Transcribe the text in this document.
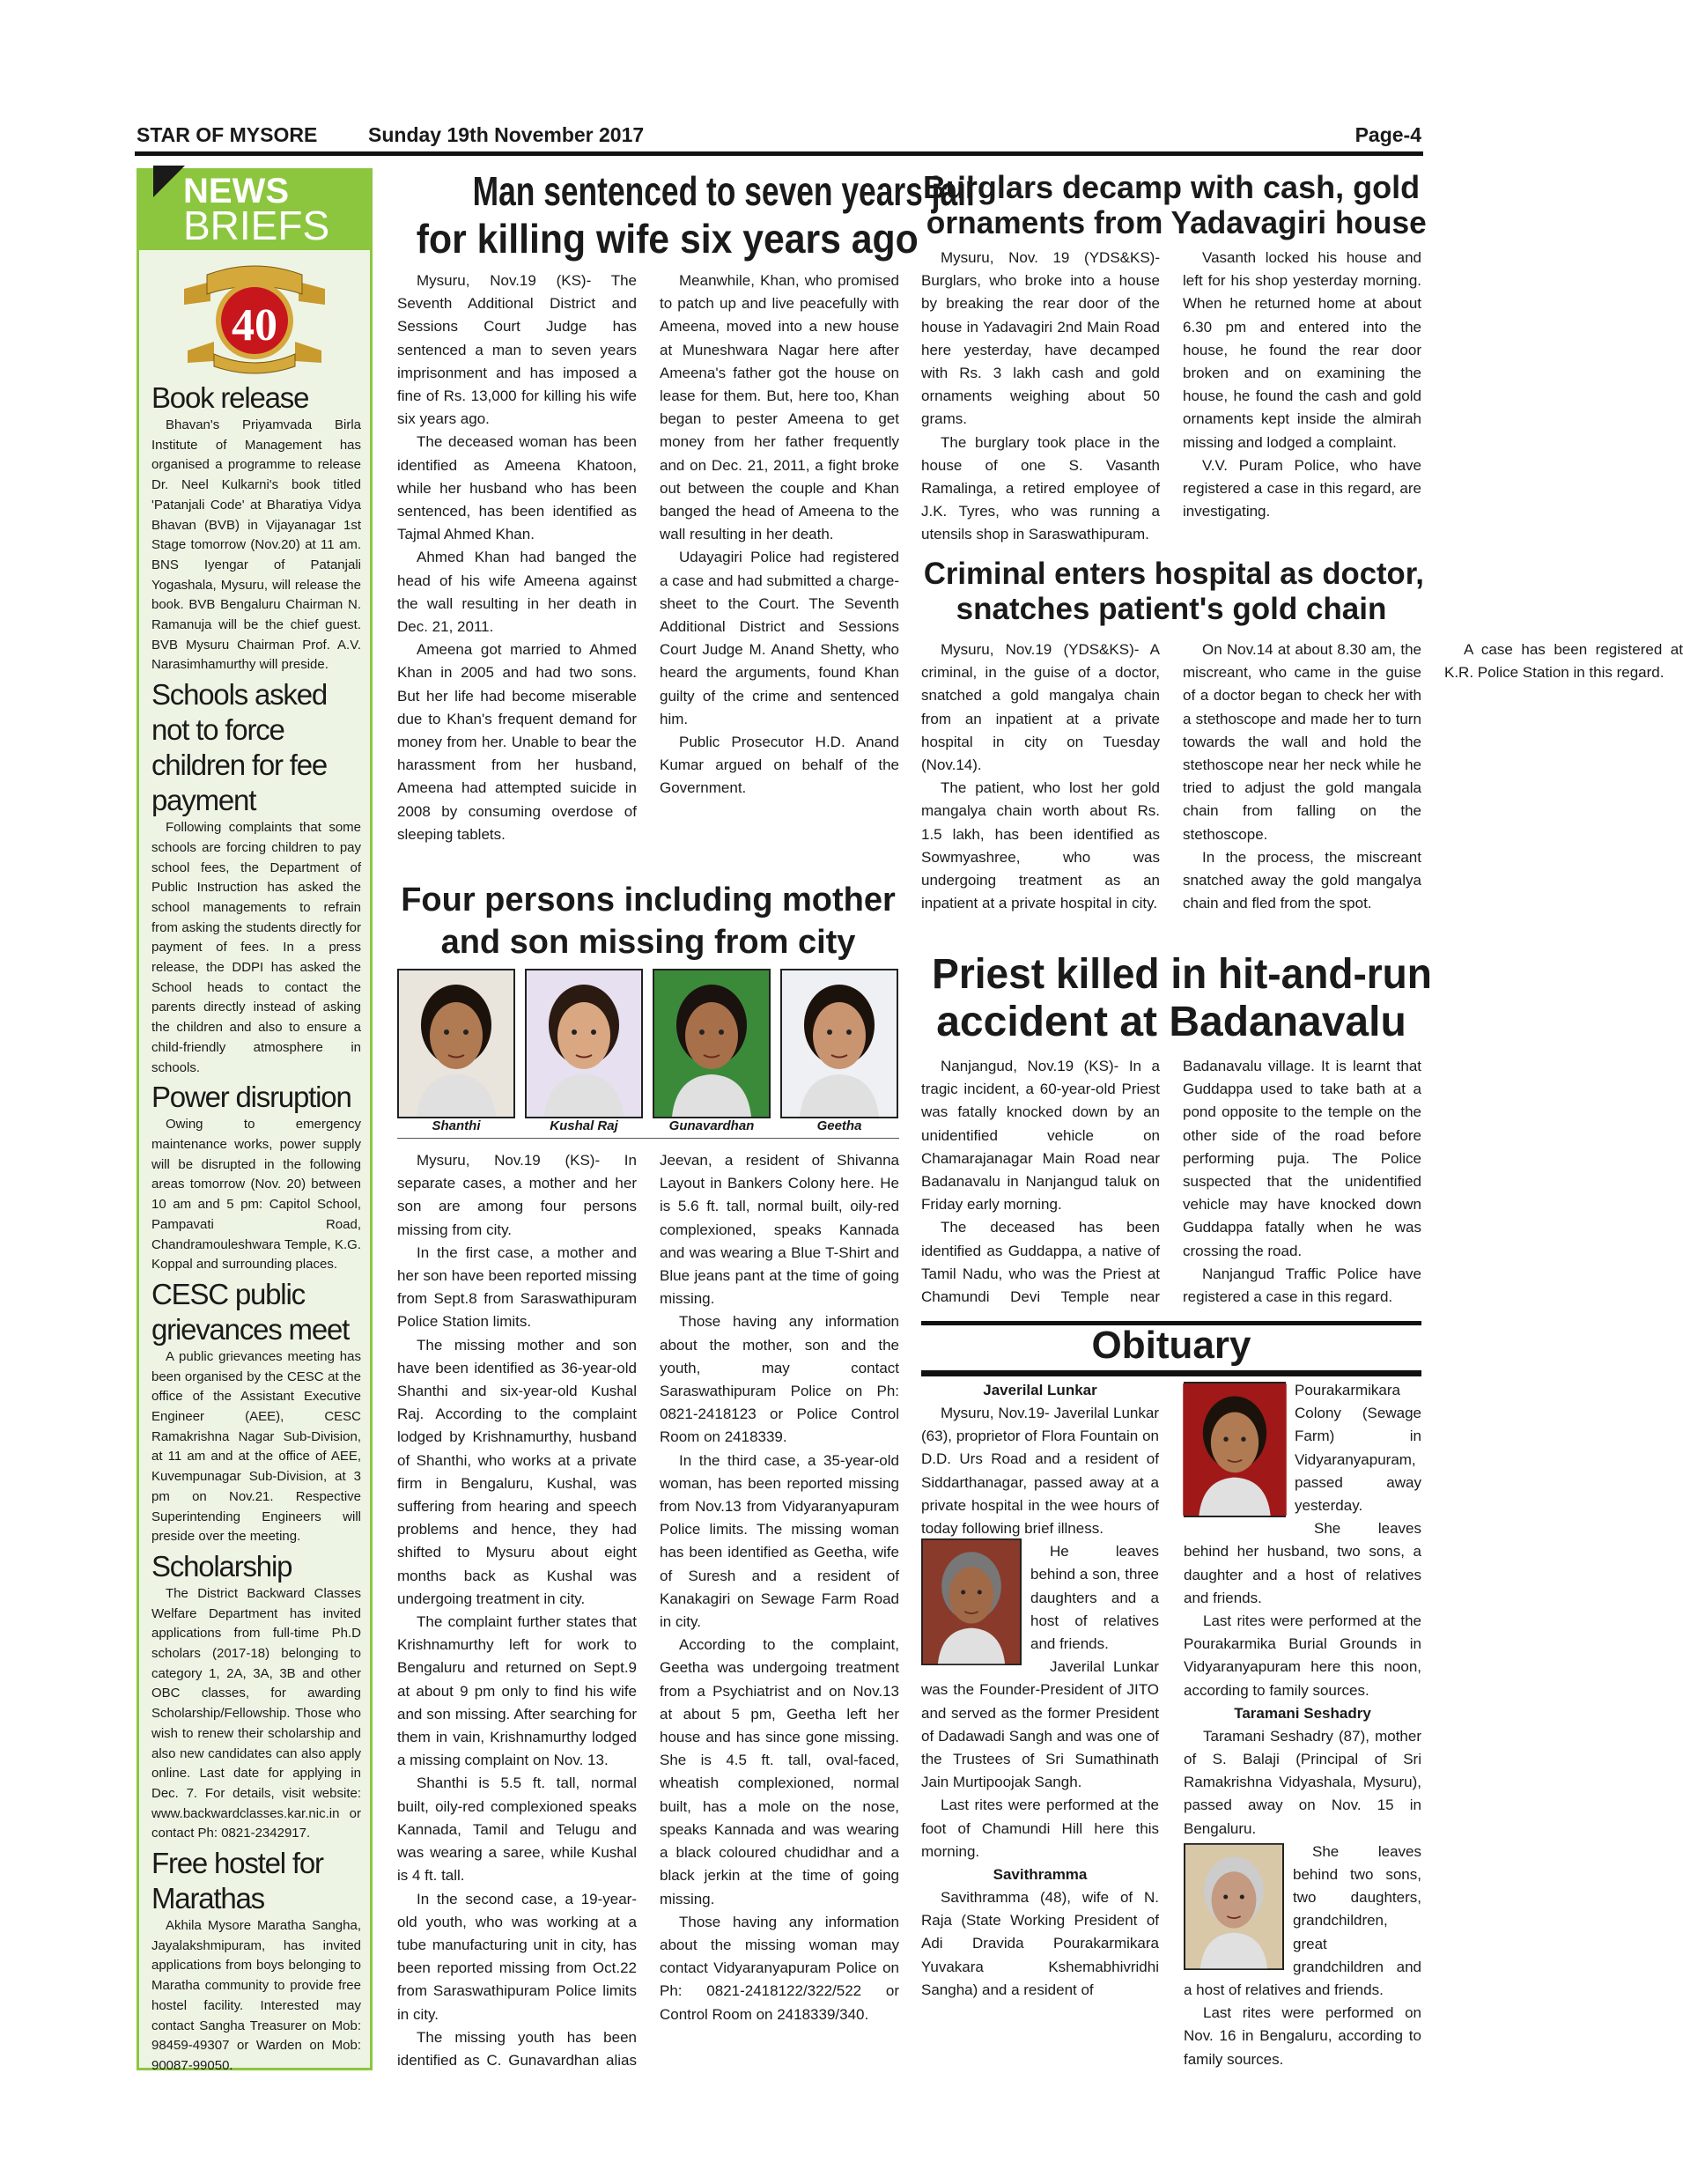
STAR OF MYSORE	Sunday 19th November 2017	Page-4
NEWS
BRIEFS
40
Book release

Bhavan's Priyamvada Birla Institute of Management has organised a programme to release Dr. Neel Kulkarni's book titled 'Patanjali Code' at Bharatiya Vidya Bhavan (BVB) in Vijayanagar 1st Stage tomorrow (Nov.20) at 11 am. BNS Iyengar of Patanjali Yogashala, Mysuru, will release the book. BVB Bengaluru Chairman N. Ramanuja will be the chief guest. BVB Mysuru Chairman Prof. A.V. Narasimhamurthy will preside.

Schools asked not to force children for fee payment

Following complaints that some schools are forcing children to pay school fees, the Department of Public Instruction has asked the school managements to refrain from asking the students directly for payment of fees. In a press release, the DDPI has asked the School heads to contact the parents directly instead of asking the children and also to ensure a child-friendly atmosphere in schools.

Power disruption

Owing to emergency maintenance works, power supply will be disrupted in the following areas tomorrow (Nov. 20) between 10 am and 5 pm: Capitol School, Pampavati Road, Chandramouleshwara Temple, K.G. Koppal and surrounding places.

CESC public grievances meet

A public grievances meeting has been organised by the CESC at the office of the Assistant Executive Engineer (AEE), CESC Ramakrishna Nagar Sub-Division, at 11 am and at the office of AEE, Kuvempunagar Sub-Division, at 3 pm on Nov.21. Respective Superintending Engineers will preside over the meeting.

Scholarship

The District Backward Classes Welfare Department has invited applications from full-time Ph.D scholars (2017-18) belonging to category 1, 2A, 3A, 3B and other OBC classes, for awarding Scholarship/Fellowship. Those who wish to renew their scholarship and also new candidates can also apply online. Last date for applying in Dec. 7. For details, visit website: www.backwardclasses.kar.nic.in or contact Ph: 0821-2342917.

Free hostel for Marathas

Akhila Mysore Maratha Sangha, Jayalakshmipuram, has invited applications from boys belonging to Maratha community to provide free hostel facility. Interested may contact Sangha Treasurer on Mob: 98459-49307 or Warden on Mob: 90087-99050.

Man sentenced to seven years jail
for killing wife six years ago

Mysuru, Nov.19 (KS)- The Seventh Additional District and Sessions Court Judge has sentenced a man to seven years imprisonment and has imposed a fine of Rs. 13,000 for killing his wife six years ago.

The deceased woman has been identified as Ameena Khatoon, while her husband who has been sentenced, has been identified as Tajmal Ahmed Khan.

Ahmed Khan had banged the head of his wife Ameena against the wall resulting in her death in Dec. 21, 2011.

Ameena got married to Ahmed Khan in 2005 and had two sons. But her life had become miserable due to Khan's frequent demand for money from her. Unable to bear the harassment from her husband, Ameena had attempted suicide in 2008 by consuming overdose of sleeping tablets.

Meanwhile, Khan, who promised to patch up and live peacefully with Ameena, moved into a new house at Muneshwara Nagar here after Ameena's father got the house on lease for them. But, here too, Khan began to pester Ameena to get money from her father frequently and on Dec. 21, 2011, a fight broke out between the couple and Khan banged the head of Ameena to the wall resulting in her death.

Udayagiri Police had registered a case and had submitted a charge-sheet to the Court. The Seventh Additional District and Sessions Court Judge M. Anand Shetty, who heard the arguments, found Khan guilty of the crime and sentenced him.

Public Prosecutor H.D. Anand Kumar argued on behalf of the Government.

Four persons including mother
and son missing from city
Shanthi	Kushal Raj	Gunavardhan	Geetha

Mysuru, Nov.19 (KS)- In separate cases, a mother and her son are among four persons missing from city.

In the first case, a mother and her son have been reported missing from Sept.8 from Saraswathipuram Police Station limits.

The missing mother and son have been identified as 36-year-old Shanthi and six-year-old Kushal Raj. According to the complaint lodged by Krishnamurthy, husband of Shanthi, who works at a private firm in Bengaluru, Kushal, was suffering from hearing and speech problems and hence, they had shifted to Mysuru about eight months back as Kushal was undergoing treatment in city.

The complaint further states that Krishnamurthy left for work to Bengaluru and returned on Sept.9 at about 9 pm only to find his wife and son missing. After searching for them in vain, Krishnamurthy lodged a missing complaint on Nov. 13.

Shanthi is 5.5 ft. tall, normal built, oily-red complexioned speaks Kannada, Tamil and Telugu and was wearing a saree, while Kushal is 4 ft. tall.

In the second case, a 19-year-old youth, who was working at a tube manufacturing unit in city, has been reported missing from Oct.22 from Saraswathipuram Police limits in city.

The missing youth has been identified as C. Gunavardhan alias Jeevan, a resident of Shivanna Layout in Bankers Colony here. He is 5.6 ft. tall, normal built, oily-red complexioned, speaks Kannada and was wearing a Blue T-Shirt and Blue jeans pant at the time of going missing.

Those having any information about the mother, son and the youth, may contact Saraswathipuram Police on Ph: 0821-2418123 or Police Control Room on 2418339.

In the third case, a 35-year-old woman, has been reported missing from Nov.13 from Vidyaranyapuram Police limits. The missing woman has been identified as Geetha, wife of Suresh and a resident of Kanakagiri on Sewage Farm Road in city.

According to the complaint, Geetha was undergoing treatment from a Psychiatrist and on Nov.13 at about 5 pm, Geetha left her house and has since gone missing. She is 4.5 ft. tall, oval-faced, wheatish complexioned, normal built, has a mole on the nose, speaks Kannada and was wearing a black coloured chudidhar and a black jerkin at the time of going missing.

Those having any information about the missing woman may contact Vidyaranyapuram Police on Ph: 0821-2418122/322/522 or Control Room on 2418339/340.

Burglars decamp with cash, gold
ornaments from Yadavagiri house

Mysuru, Nov. 19 (YDS&KS)- Burglars, who broke into a house by breaking the rear door of the house in Yadavagiri 2nd Main Road here yesterday, have decamped with Rs. 3 lakh cash and gold ornaments weighing about 50 grams.

The burglary took place in the house of one S. Vasanth Ramalinga, a retired employee of J.K. Tyres, who was running a utensils shop in Saraswathipuram.

Vasanth locked his house and left for his shop yesterday morning. When he returned home at about 6.30 pm and entered into the house, he found the rear door broken and on examining the house, he found the cash and gold ornaments kept inside the almirah missing and lodged a complaint.

V.V. Puram Police, who have registered a case in this regard, are investigating.

Criminal enters hospital as doctor,
snatches patient's gold chain

Mysuru, Nov.19 (YDS&KS)- A criminal, in the guise of a doctor, snatched a gold mangalya chain from an inpatient at a private hospital in city on Tuesday (Nov.14).

The patient, who lost her gold mangalya chain worth about Rs. 1.5 lakh, has been identified as Sowmyashree, who was undergoing treatment as an inpatient at a private hospital in city.

On Nov.14 at about 8.30 am, the miscreant, who came in the guise of a doctor began to check her with a stethoscope and made her to turn towards the wall and hold the stethoscope near her neck while he tried to adjust the gold mangala chain from falling on the stethoscope.

In the process, the miscreant snatched away the gold mangalya chain and fled from the spot.

A case has been registered at K.R. Police Station in this regard.

Priest killed in hit-and-run
accident at Badanavalu

Nanjangud, Nov.19 (KS)- In a tragic incident, a 60-year-old Priest was fatally knocked down by an unidentified vehicle on Chamarajanagar Main Road near Badanavalu in Nanjangud taluk on Friday early morning.

The deceased has been identified as Guddappa, a native of Tamil Nadu, who was the Priest at Chamundi Devi Temple near Badanavalu village. It is learnt that Guddappa used to take bath at a pond opposite to the temple on the other side of the road before performing puja. The Police suspected that the unidentified vehicle may have knocked down Guddappa fatally when he was crossing the road.

Nanjangud Traffic Police have registered a case in this regard.

Obituary
Javerilal Lunkar

Mysuru, Nov.19- Javerilal Lunkar (63), proprietor of Flora Fountain on D.D. Urs Road and a resident of Siddarthanagar, passed away at a private hospital in the wee hours of today following brief illness.

He leaves behind a son, three daughters and a host of relatives and friends.

Javerilal Lunkar was the Founder-President of JITO and served as the former President of Dadawadi Sangh and was one of the Trustees of Sri Sumathinath Jain Murtipoojak Sangh.

Last rites were performed at the foot of Chamundi Hill here this morning.

Savithramma

Savithramma (48), wife of N. Raja (State Working President of Adi Dravida Pourakarmikara Yuvakara Kshemabhivridhi Sangha) and a resident of

Pourakarmikara Colony (Sewage Farm) in Vidyaranyapuram, passed away yesterday.

She leaves behind her husband, two sons, a daughter and a host of relatives and friends.

Last rites were performed at the Pourakarmika Burial Grounds in Vidyaranyapuram here this noon, according to family sources.

Taramani Seshadry

Taramani Seshadry (87), mother of S. Balaji (Principal of Sri Ramakrishna Vidyashala, Mysuru), passed away on Nov. 15 in Bengaluru.

She leaves behind two sons, two daughters, grandchildren, great grandchildren and a host of relatives and friends.

Last rites were performed on Nov. 16 in Bengaluru, according to family sources.
